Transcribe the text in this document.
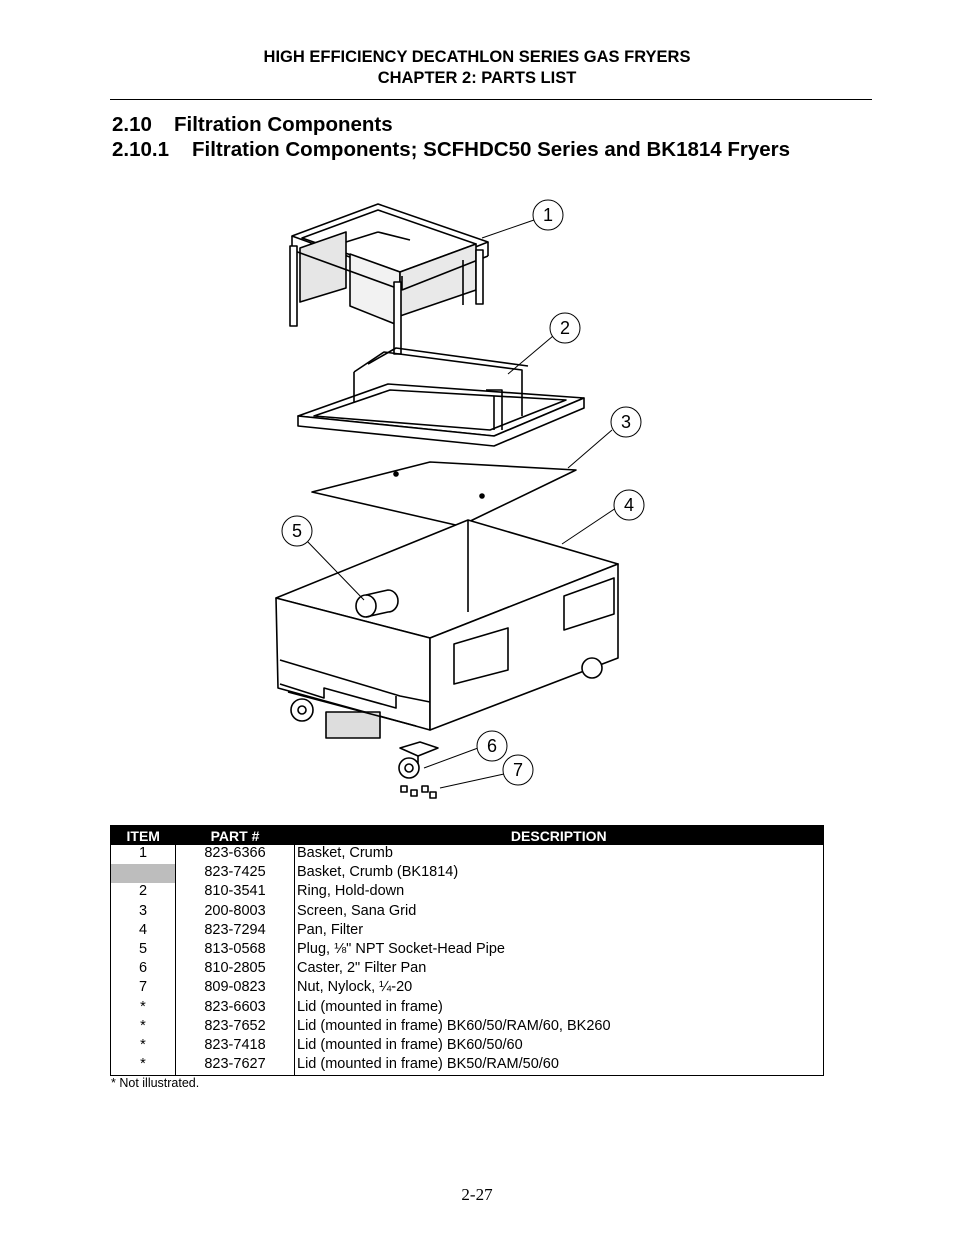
HIGH EFFICIENCY DECATHLON SERIES GAS FRYERS
CHAPTER 2: PARTS LIST
2.10 Filtration Components
2.10.1 Filtration Components; SCFHDC50 Series and BK1814 Fryers
1
2
3
4
5
6
7
ITEM	PART #	DESCRIPTION
1	823-6366	Basket, Crumb
	823-7425	Basket, Crumb (BK1814)
2	810-3541	Ring, Hold-down
3	200-8003	Screen, Sana Grid
4	823-7294	Pan, Filter
5	813-0568	Plug, ⅛" NPT Socket-Head Pipe
6	810-2805	Caster, 2" Filter Pan
7	809-0823	Nut, Nylock, ¼-20
*	823-6603	Lid (mounted in frame)
*	823-7652	Lid (mounted in frame) BK60/50/RAM/60, BK260
*	823-7418	Lid (mounted in frame) BK60/50/60
*	823-7627	Lid (mounted in frame) BK50/RAM/50/60
* Not illustrated.
2-27
